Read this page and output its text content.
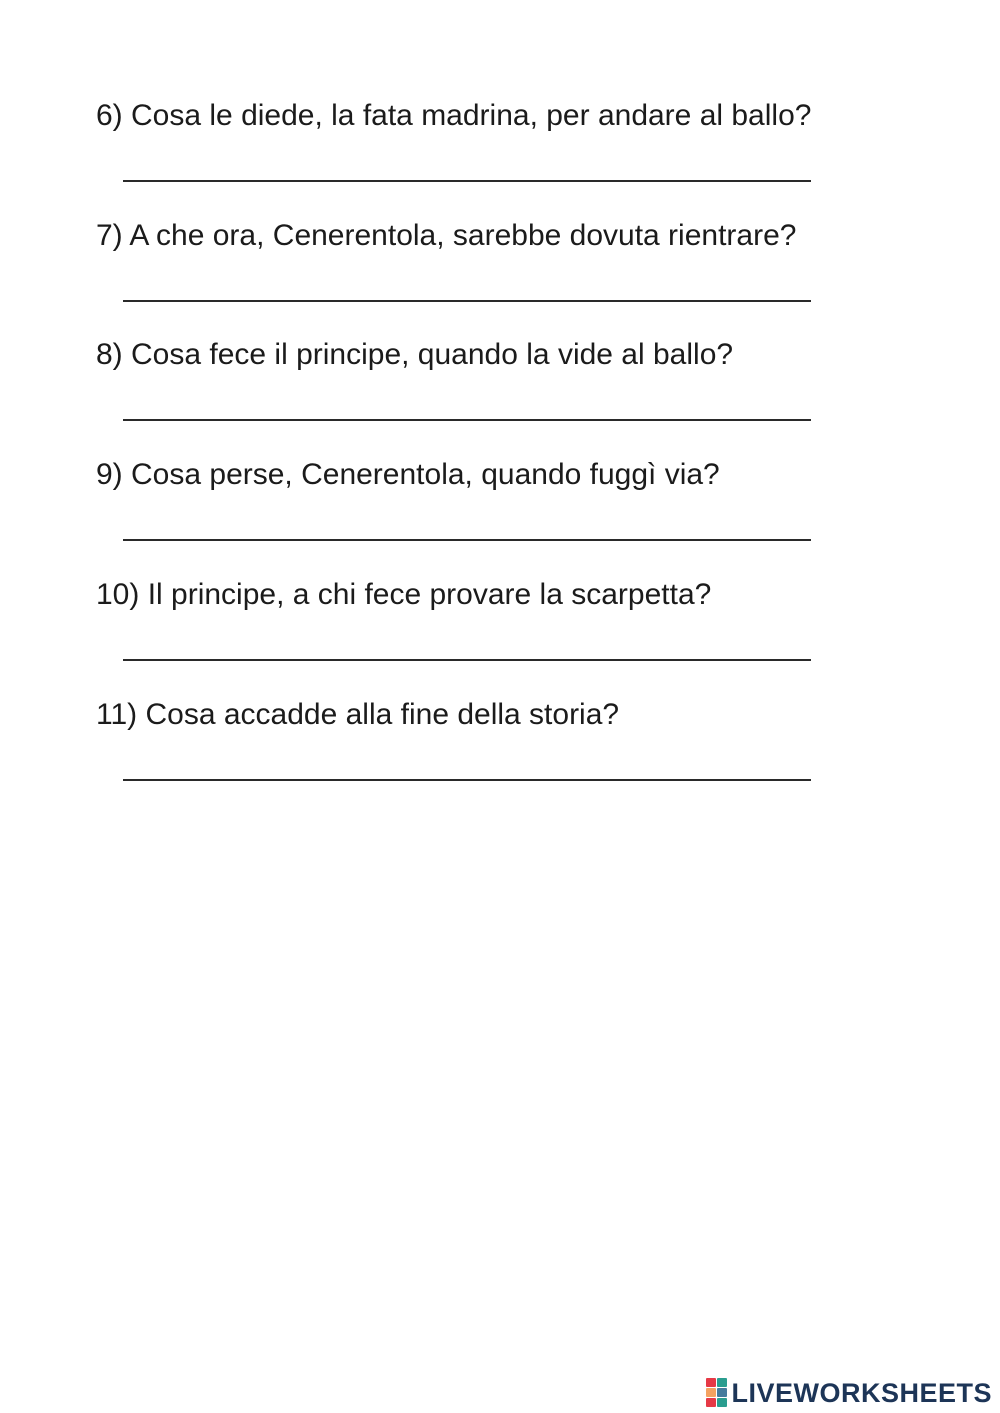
6) Cosa le diede, la fata madrina, per andare al ballo?
7) A che ora, Cenerentola, sarebbe dovuta rientrare?
8) Cosa fece il principe, quando la vide al ballo?
9) Cosa perse, Cenerentola, quando fuggì via?
10) Il principe, a chi fece provare la scarpetta?
11) Cosa accadde alla fine della storia?
LIVEWORKSHEETS
